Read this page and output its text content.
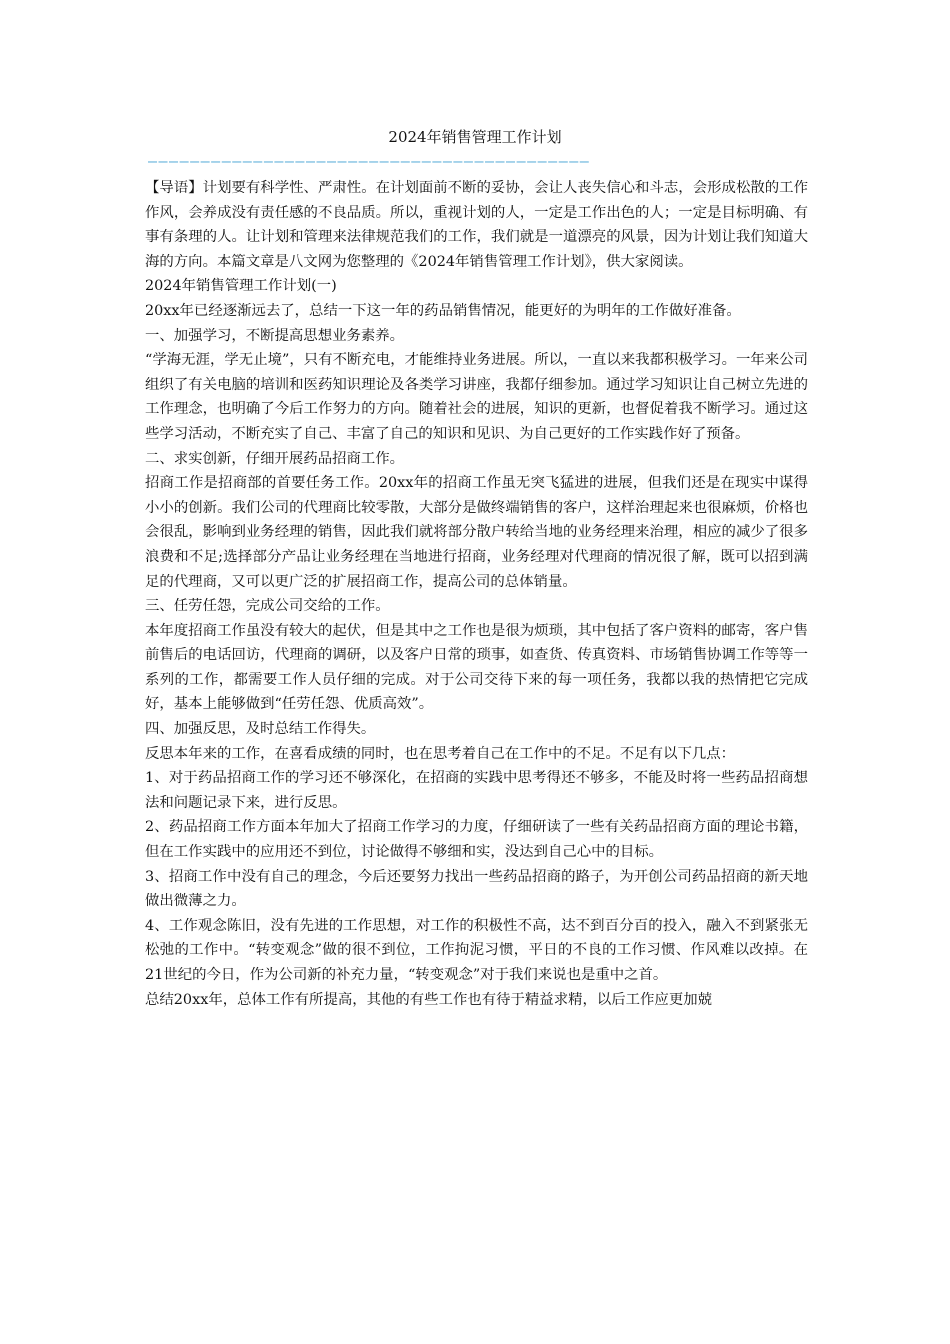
2024年销售管理工作计划
——————————————————————————————————————————

【导语】计划要有科学性、严肃性。在计划面前不断的妥协，会让人丧失信心和斗志，会形成松散的工作作风，会养成没有责任感的不良品质。所以，重视计划的人，一定是工作出色的人；一定是目标明确、有事有条理的人。让计划和管理来法律规范我们的工作，我们就是一道漂亮的风景，因为计划让我们知道大海的方向。本篇文章是八文网为您整理的《2024年销售管理工作计划》，供大家阅读。

2024年销售管理工作计划(一)

20xx年已经逐渐远去了，总结一下这一年的药品销售情况，能更好的为明年的工作做好准备。

一、加强学习，不断提高思想业务素养。

“学海无涯，学无止境”，只有不断充电，才能维持业务进展。所以，一直以来我都积极学习。一年来公司组织了有关电脑的培训和医药知识理论及各类学习讲座，我都仔细参加。通过学习知识让自己树立先进的工作理念，也明确了今后工作努力的方向。随着社会的进展，知识的更新，也督促着我不断学习。通过这些学习活动，不断充实了自己、丰富了自己的知识和见识、为自己更好的工作实践作好了预备。

二、求实创新，仔细开展药品招商工作。

招商工作是招商部的首要任务工作。20xx年的招商工作虽无突飞猛进的进展，但我们还是在现实中谋得小小的创新。我们公司的代理商比较零散，大部分是做终端销售的客户，这样治理起来也很麻烦，价格也会很乱，影响到业务经理的销售，因此我们就将部分散户转给当地的业务经理来治理，相应的减少了很多浪费和不足;选择部分产品让业务经理在当地进行招商，业务经理对代理商的情况很了解，既可以招到满足的代理商，又可以更广泛的扩展招商工作，提高公司的总体销量。

三、任劳任怨，完成公司交给的工作。

本年度招商工作虽没有较大的起伏，但是其中之工作也是很为烦琐，其中包括了客户资料的邮寄，客户售前售后的电话回访，代理商的调研，以及客户日常的琐事，如查货、传真资料、市场销售协调工作等等一系列的工作，都需要工作人员仔细的完成。对于公司交待下来的每一项任务，我都以我的热情把它完成好，基本上能够做到“任劳任怨、优质高效”。

四、加强反思，及时总结工作得失。

反思本年来的工作，在喜看成绩的同时，也在思考着自己在工作中的不足。不足有以下几点：

1、对于药品招商工作的学习还不够深化，在招商的实践中思考得还不够多，不能及时将一些药品招商想法和问题记录下来，进行反思。

2、药品招商工作方面本年加大了招商工作学习的力度，仔细研读了一些有关药品招商方面的理论书籍，但在工作实践中的应用还不到位，讨论做得不够细和实，没达到自己心中的目标。

3、招商工作中没有自己的理念，今后还要努力找出一些药品招商的路子，为开创公司药品招商的新天地做出微薄之力。

4、工作观念陈旧，没有先进的工作思想，对工作的积极性不高，达不到百分百的投入，融入不到紧张无松弛的工作中。“转变观念”做的很不到位，工作拘泥习惯，平日的不良的工作习惯、作风难以改掉。在21世纪的今日，作为公司新的补充力量，“转变观念”对于我们来说也是重中之首。

总结20xx年，总体工作有所提高，其他的有些工作也有待于精益求精，以后工作应更加兢
